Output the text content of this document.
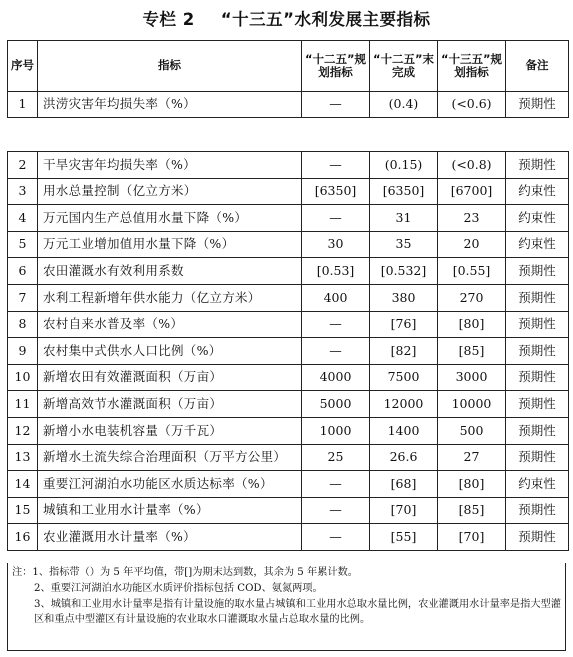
专栏 2 “十三五”水利发展主要指标
序号	指标	“十二五”规划指标	“十二五”末完成	“十三五”规划指标	备注
1	洪涝灾害年均损失率（%）	—	(0.4)	(<0.6)	预期性
2	干旱灾害年均损失率（%）	—	(0.15)	(<0.8)	预期性
3	用水总量控制（亿立方米）	[6350]	[6350]	[6700]	约束性
4	万元国内生产总值用水量下降（%）	—	31	23	约束性
5	万元工业增加值用水量下降（%）	30	35	20	约束性
6	农田灌溉水有效利用系数	[0.53]	[0.532]	[0.55]	预期性
7	水利工程新增年供水能力（亿立方米）	400	380	270	预期性
8	农村自来水普及率（%）	—	[76]	[80]	预期性
9	农村集中式供水人口比例（%）	—	[82]	[85]	预期性
10	新增农田有效灌溉面积（万亩）	4000	7500	3000	预期性
11	新增高效节水灌溉面积（万亩）	5000	12000	10000	预期性
12	新增小水电装机容量（万千瓦）	1000	1400	500	预期性
13	新增水土流失综合治理面积（万平方公里）	25	26.6	27	预期性
14	重要江河湖泊水功能区水质达标率（%）	—	[68]	[80]	约束性
15	城镇和工业用水计量率（%）	—	[70]	[85]	预期性
16	农业灌溉用水计量率（%）	—	[55]	[70]	预期性
注：1、指标带（）为 5 年平均值，带[]为期末达到数，其余为 5 年累计数。
2、重要江河湖泊水功能区水质评价指标包括 COD、氨氮两项。
3、城镇和工业用水计量率是指有计量设施的取水量占城镇和工业用水总取水量比例，农业灌溉用水计量率是指大型灌区和重点中型灌区有计量设施的农业取水口灌溉取水量占总取水量的比例。
